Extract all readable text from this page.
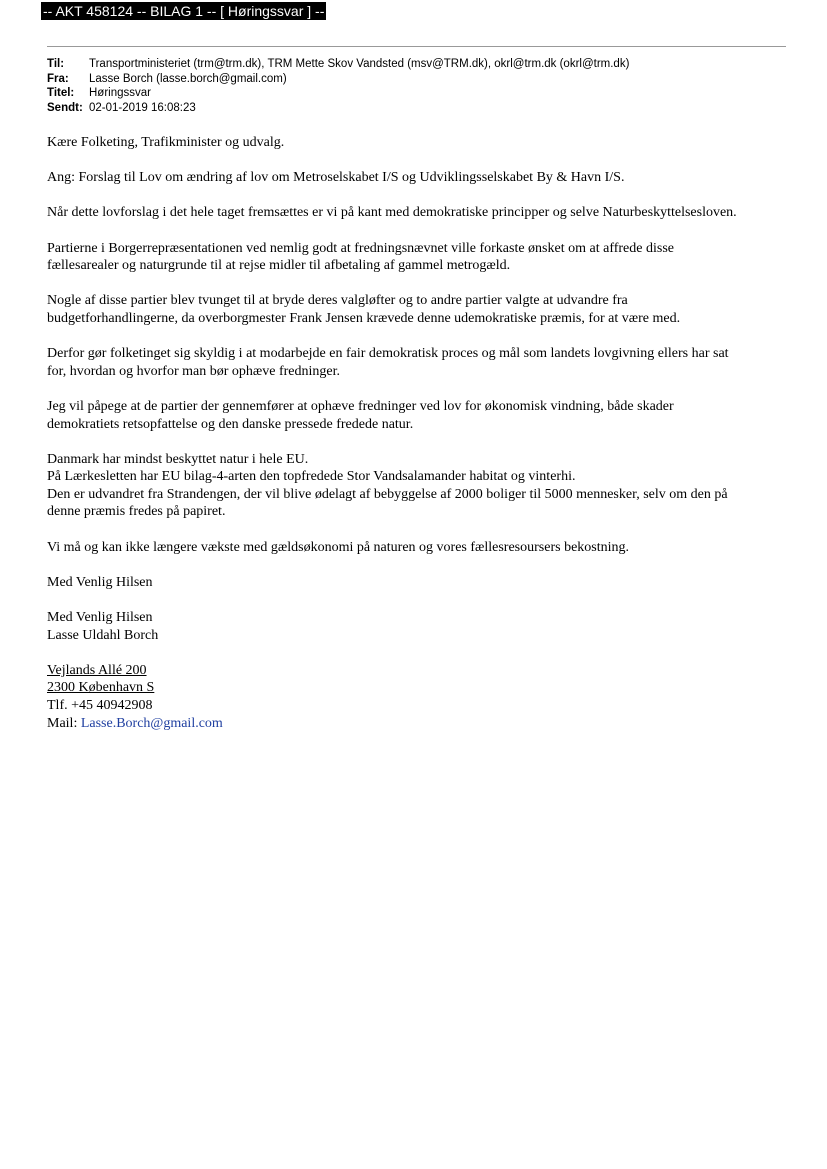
-- AKT 458124 -- BILAG 1 -- [ Høringssvar ] --
Til:	Transportministeriet (trm@trm.dk), TRM Mette Skov Vandsted (msv@TRM.dk), okrl@trm.dk (okrl@trm.dk)
Fra:	Lasse Borch (lasse.borch@gmail.com)
Titel:	Høringssvar
Sendt: 02-01-2019 16:08:23

Kære Folketing, Trafikminister og udvalg.

Ang: Forslag til Lov om ændring af lov om Metroselskabet I/S og Udviklingsselskabet By & Havn I/S.

Når dette lovforslag i det hele taget fremsættes er vi på kant med demokratiske principper og selve Naturbeskyttelsesloven.

Partierne i Borgerrepræsentationen ved nemlig godt at fredningsnævnet ville forkaste ønsket om at affrede disse
fællesarealer og naturgrunde til at rejse midler til afbetaling af gammel metrogæld.

Nogle af disse partier blev tvunget til at bryde deres valgløfter og to andre partier valgte at udvandre fra
budgetforhandlingerne, da overborgmester Frank Jensen krævede denne udemokratiske præmis, for at være med.

Derfor gør folketinget sig skyldig i at modarbejde en fair demokratisk proces og mål som landets lovgivning ellers har sat
for, hvordan og hvorfor man bør ophæve fredninger.

Jeg vil påpege at de partier der gennemfører at ophæve fredninger ved lov for økonomisk vindning, både skader
demokratiets retsopfattelse og den danske pressede fredede natur.

Danmark har mindst beskyttet natur i hele EU.
På Lærkesletten har EU bilag-4-arten den topfredede Stor Vandsalamander habitat og vinterhi.
Den er udvandret fra Strandengen, der vil blive ødelagt af bebyggelse af 2000 boliger til 5000 mennesker, selv om den på
denne præmis fredes på papiret.

Vi må og kan ikke længere vækste med gældsøkonomi på naturen og vores fællesresoursers bekostning.

Med Venlig Hilsen

Med Venlig Hilsen
Lasse Uldahl Borch

Vejlands Allé 200
2300 København S
Tlf. +45 40942908
Mail: Lasse.Borch@gmail.com
